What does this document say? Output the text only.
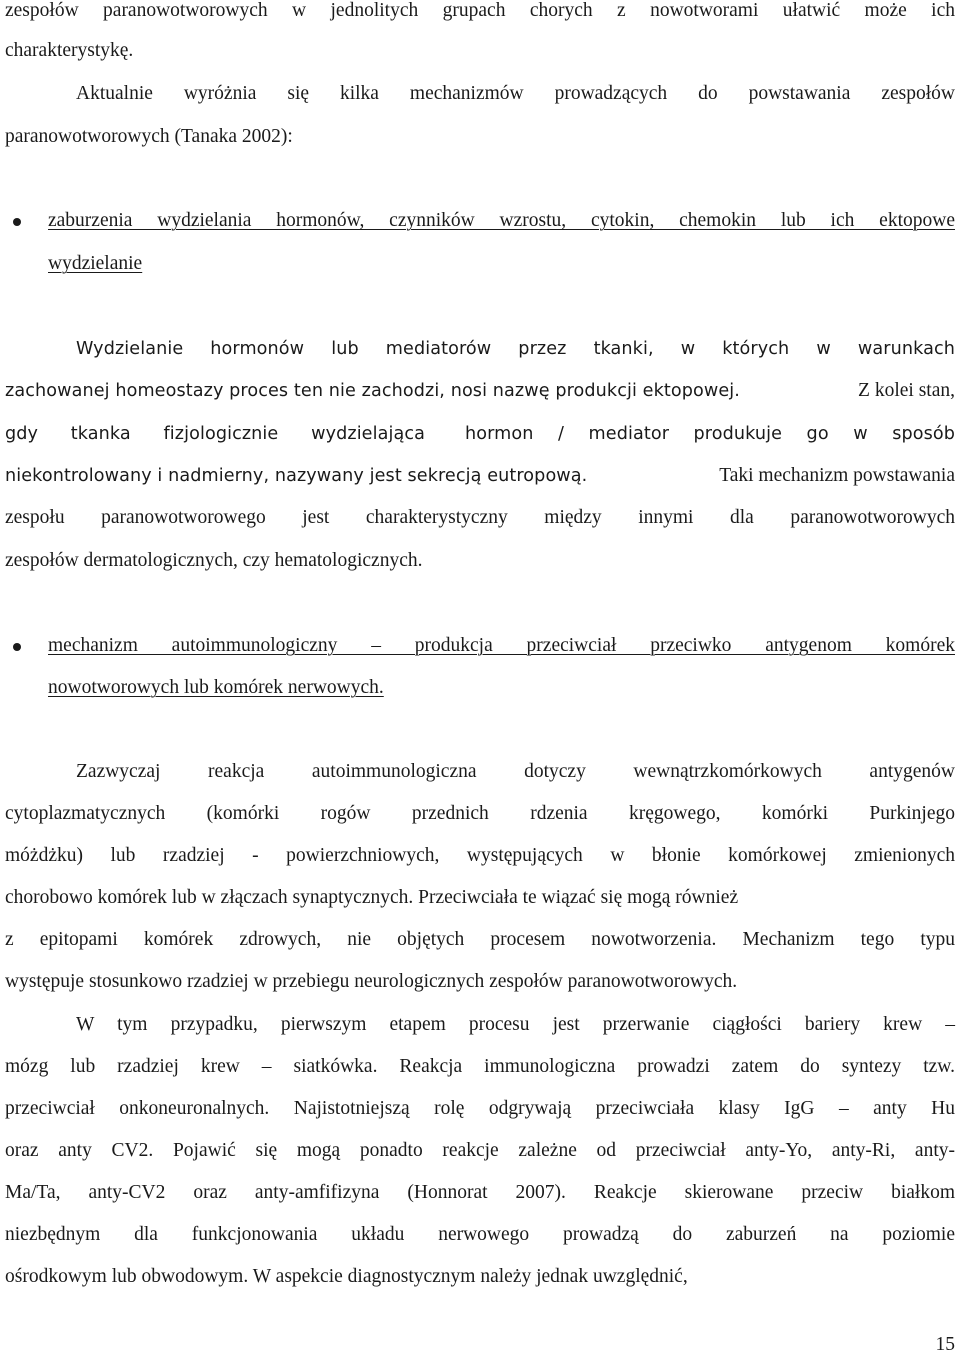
zespołów paranowotworowych w jednolitych grupach chorych z nowotworami ułatwić może ich
charakterystykę.
Aktualnie wyróżnia się kilka mechanizmów prowadzących do powstawania zespołów
paranowotworowych (Tanaka 2002):
zaburzenia wydzielania hormonów, czynników wzrostu, cytokin, chemokin lub ich ektopowe
wydzielanie
Wydzielanie hormonów lub mediatorów przez tkanki, w których w warunkach
zachowanej homeostazy proces ten nie zachodzi, nosi nazwę produkcji ektopowej.	Z kolei stan,
gdy tkanka fizjologicznie wydzielająca hormon / mediator produkuje go w sposób
niekontrolowany i nadmierny, nazywany jest sekrecją eutropową.	Taki mechanizm powstawania
zespołu paranowotworowego jest charakterystyczny między innymi dla paranowotworowych
zespołów dermatologicznych, czy hematologicznych.
mechanizm autoimmunologiczny – produkcja przeciwciał przeciwko antygenom komórek
nowotworowych lub komórek nerwowych.
Zazwyczaj reakcja autoimmunologiczna dotyczy wewnątrzkomórkowych antygenów
cytoplazmatycznych (komórki rogów przednich rdzenia kręgowego, komórki Purkinjego
móżdżku) lub rzadziej - powierzchniowych, występujących w błonie komórkowej zmienionych
chorobowo komórek lub w złączach synaptycznych. Przeciwciała te wiązać się mogą również
z epitopami komórek zdrowych, nie objętych procesem nowotworzenia. Mechanizm tego typu
występuje stosunkowo rzadziej w przebiegu neurologicznych zespołów paranowotworowych.
W tym przypadku, pierwszym etapem procesu jest przerwanie ciągłości bariery krew –
mózg lub rzadziej krew – siatkówka. Reakcja immunologiczna prowadzi zatem do syntezy tzw.
przeciwciał onkoneuronalnych. Najistotniejszą rolę odgrywają przeciwciała klasy IgG – anty Hu
oraz anty CV2. Pojawić się mogą ponadto reakcje zależne od przeciwciał anty-Yo, anty-Ri, anty-
Ma/Ta, anty-CV2 oraz anty-amfifizyna (Honnorat 2007). Reakcje skierowane przeciw białkom
niezbędnym dla funkcjonowania układu nerwowego prowadzą do zaburzeń na poziomie
ośrodkowym lub obwodowym. W aspekcie diagnostycznym należy jednak uwzględnić,
15
